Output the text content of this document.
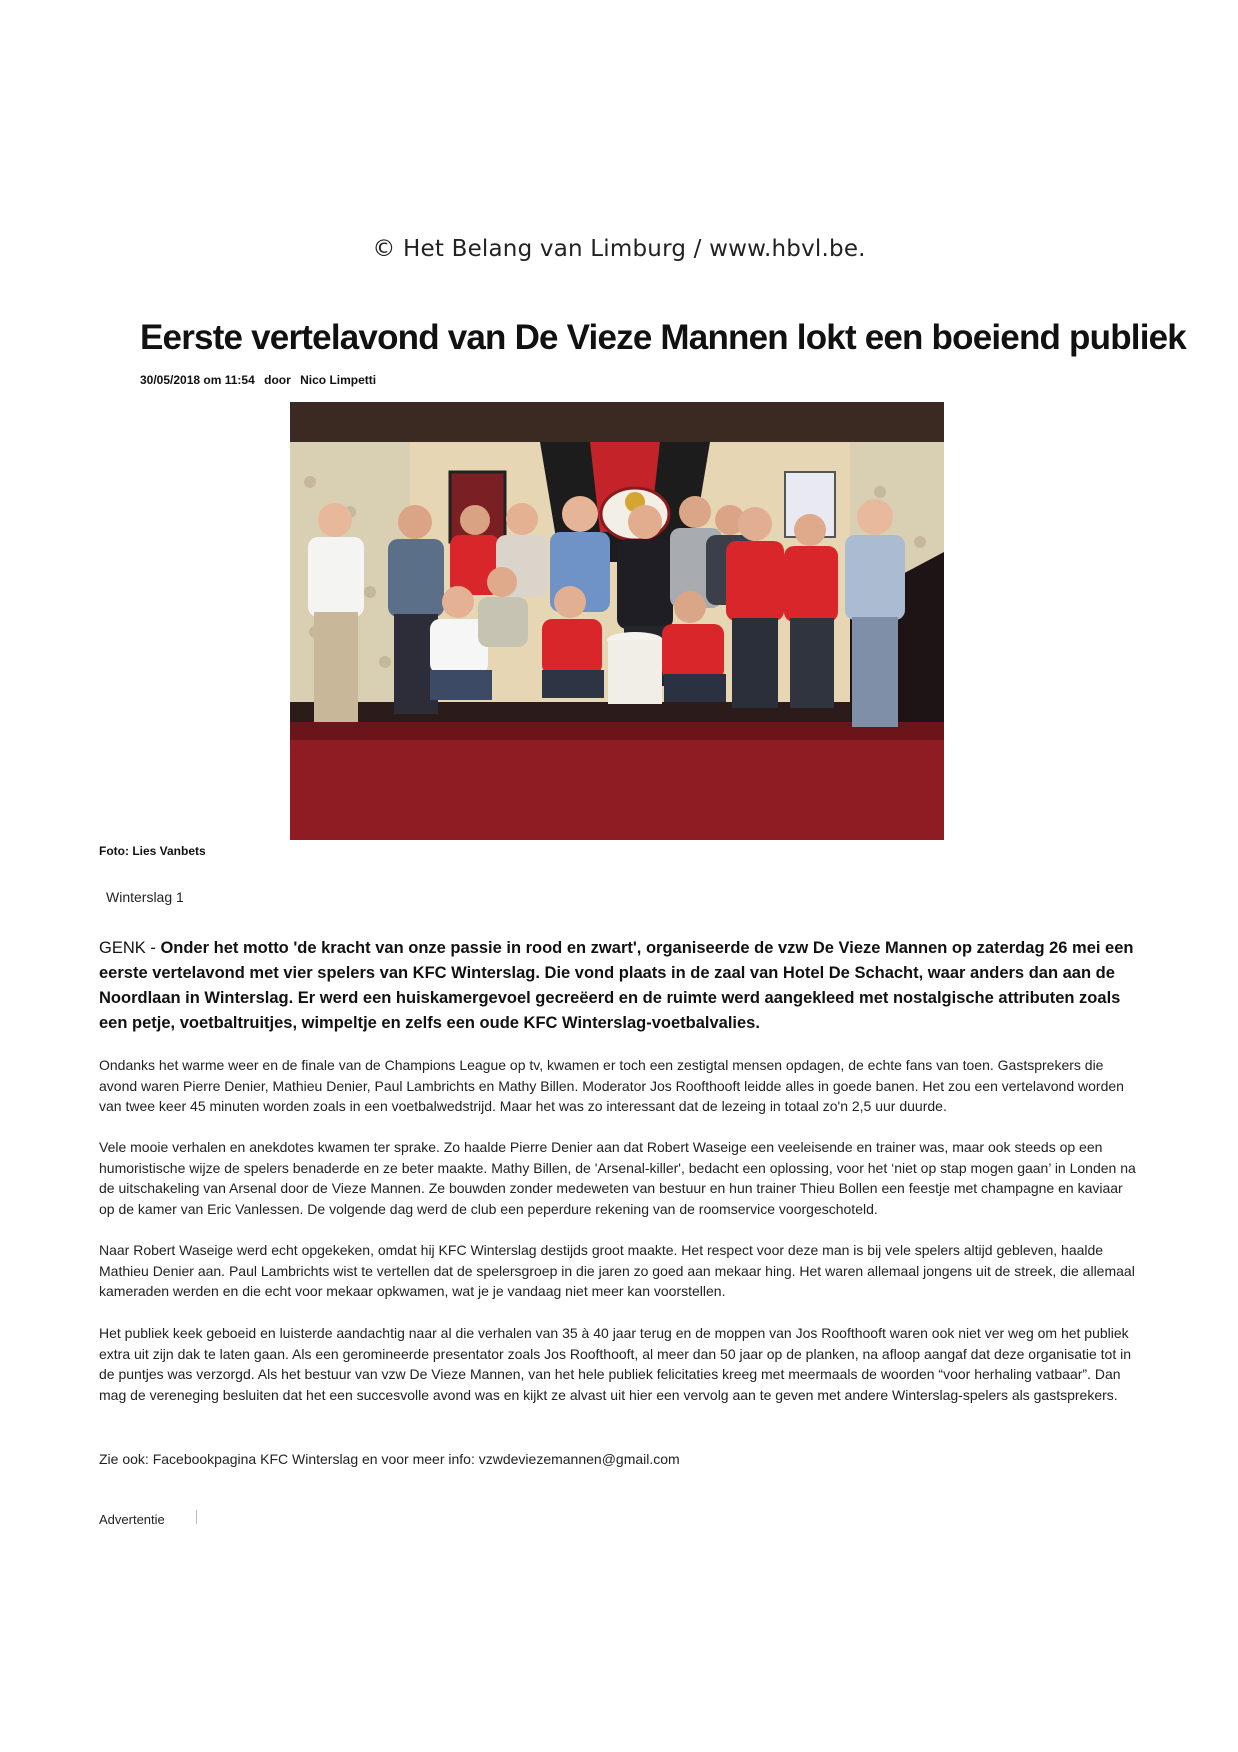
© Het Belang van Limburg / www.hbvl.be.
Eerste vertelavond van De Vieze Mannen lokt een boeiend publiek
30/05/2018 om 11:54 door Nico Limpetti
Foto: Lies Vanbets
Winterslag 1

GENK - Onder het motto 'de kracht van onze passie in rood en zwart', organiseerde de vzw De Vieze Mannen op zaterdag 26 mei een eerste vertelavond met vier spelers van KFC Winterslag. Die vond plaats in de zaal van Hotel De Schacht, waar anders dan aan de Noordlaan in Winterslag. Er werd een huiskamergevoel gecreëerd en de ruimte werd aangekleed met nostalgische attributen zoals een petje, voetbaltruitjes, wimpeltje en zelfs een oude KFC Winterslag-voetbalvalies.

Ondanks het warme weer en de finale van de Champions League op tv, kwamen er toch een zestigtal mensen opdagen, de echte fans van toen. Gastsprekers die avond waren Pierre Denier, Mathieu Denier, Paul Lambrichts en Mathy Billen. Moderator Jos Roofthooft leidde alles in goede banen. Het zou een vertelavond worden van twee keer 45 minuten worden zoals in een voetbalwedstrijd. Maar het was zo interessant dat de lezeing in totaal zo'n 2,5 uur duurde.

Vele mooie verhalen en anekdotes kwamen ter sprake. Zo haalde Pierre Denier aan dat Robert Waseige een veeleisende en trainer was, maar ook steeds op een humoristische wijze de spelers benaderde en ze beter maakte. Mathy Billen, de 'Arsenal-killer', bedacht een oplossing, voor het ‘niet op stap mogen gaan’ in Londen na de uitschakeling van Arsenal door de Vieze Mannen. Ze bouwden zonder medeweten van bestuur en hun trainer Thieu Bollen een feestje met champagne en kaviaar op de kamer van Eric Vanlessen. De volgende dag werd de club een peperdure rekening van de roomservice voorgeschoteld.

Naar Robert Waseige werd echt opgekeken, omdat hij KFC Winterslag destijds groot maakte. Het respect voor deze man is bij vele spelers altijd gebleven, haalde Mathieu Denier aan. Paul Lambrichts wist te vertellen dat de spelersgroep in die jaren zo goed aan mekaar hing. Het waren allemaal jongens uit de streek, die allemaal kameraden werden en die echt voor mekaar opkwamen, wat je je vandaag niet meer kan voorstellen.

Het publiek keek geboeid en luisterde aandachtig naar al die verhalen van 35 à 40 jaar terug en de moppen van Jos Roofthooft waren ook niet ver weg om het publiek extra uit zijn dak te laten gaan. Als een geromineerde presentator zoals Jos Roofthooft, al meer dan 50 jaar op de planken, na afloop aangaf dat deze organisatie tot in de puntjes was verzorgd. Als het bestuur van vzw De Vieze Mannen, van het hele publiek felicitaties kreeg met meermaals de woorden “voor herhaling vatbaar”. Dan mag de vereneging besluiten dat het een succesvolle avond was en kijkt ze alvast uit hier een vervolg aan te geven met andere Winterslag-spelers als gastsprekers.

Zie ook: Facebookpagina KFC Winterslag en voor meer info: vzwdeviezemannen@gmail.com

Advertentie
